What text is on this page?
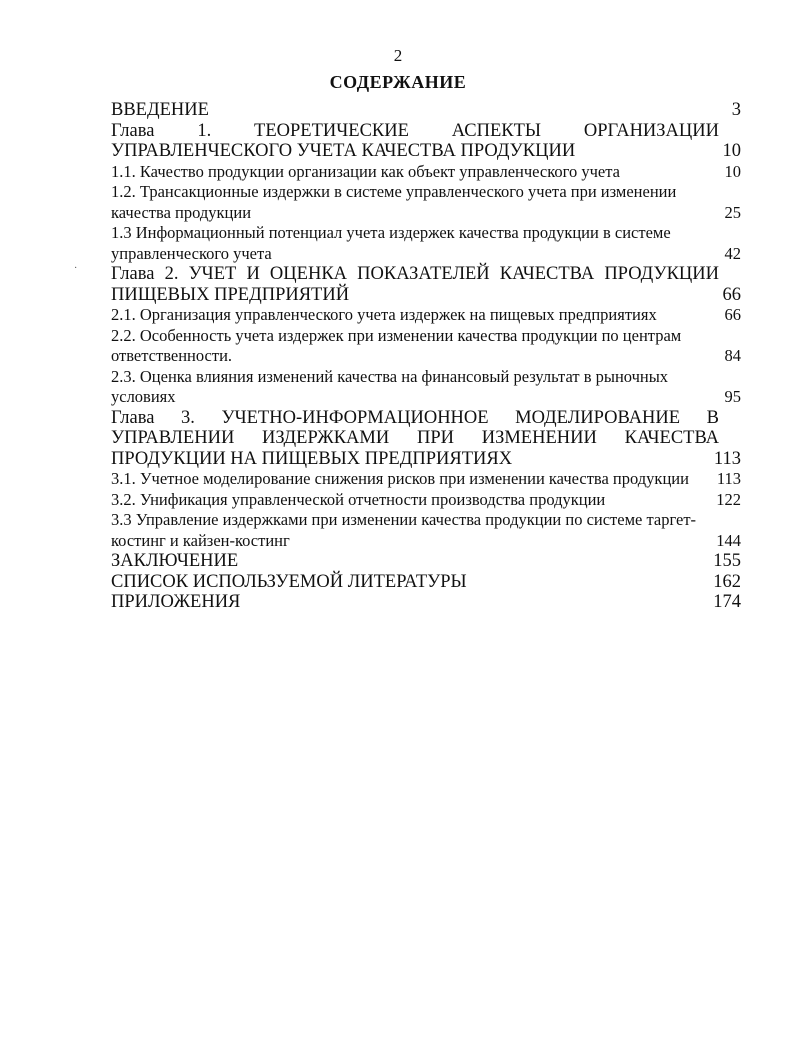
2
СОДЕРЖАНИЕ
·
ВВЕДЕНИЕ	3
Глава 1. ТЕОРЕТИЧЕСКИЕ АСПЕКТЫ ОРГАНИЗАЦИИ УПРАВЛЕНЧЕСКОГО УЧЕТА КАЧЕСТВА ПРОДУКЦИИ	10
1.1. Качество продукции организации как объект управленческого учета	10
1.2. Трансакционные издержки в системе управленческого учета при изменении качества продукции	25
1.3 Информационный потенциал учета издержек качества продукции в системе управленческого учета	42
Глава 2. УЧЕТ И ОЦЕНКА ПОКАЗАТЕЛЕЙ КАЧЕСТВА ПРОДУКЦИИ ПИЩЕВЫХ ПРЕДПРИЯТИЙ	66
2.1. Организация управленческого учета издержек на пищевых предприятиях	66
2.2. Особенность учета издержек при изменении качества продукции по центрам ответственности.	84
2.3. Оценка влияния изменений качества на финансовый результат в рыночных условиях	95
Глава 3. УЧЕТНО-ИНФОРМАЦИОННОЕ МОДЕЛИРОВАНИЕ В УПРАВЛЕНИИ ИЗДЕРЖКАМИ ПРИ ИЗМЕНЕНИИ КАЧЕСТВА ПРОДУКЦИИ НА ПИЩЕВЫХ ПРЕДПРИЯТИЯХ	113
3.1. Учетное моделирование снижения рисков при изменении качества продукции	113
3.2. Унификация управленческой отчетности производства продукции	122
3.3 Управление издержками при изменении качества продукции по системе таргет-костинг и кайзен-костинг	144
ЗАКЛЮЧЕНИЕ	155
СПИСОК ИСПОЛЬЗУЕМОЙ ЛИТЕРАТУРЫ	162
ПРИЛОЖЕНИЯ	174
